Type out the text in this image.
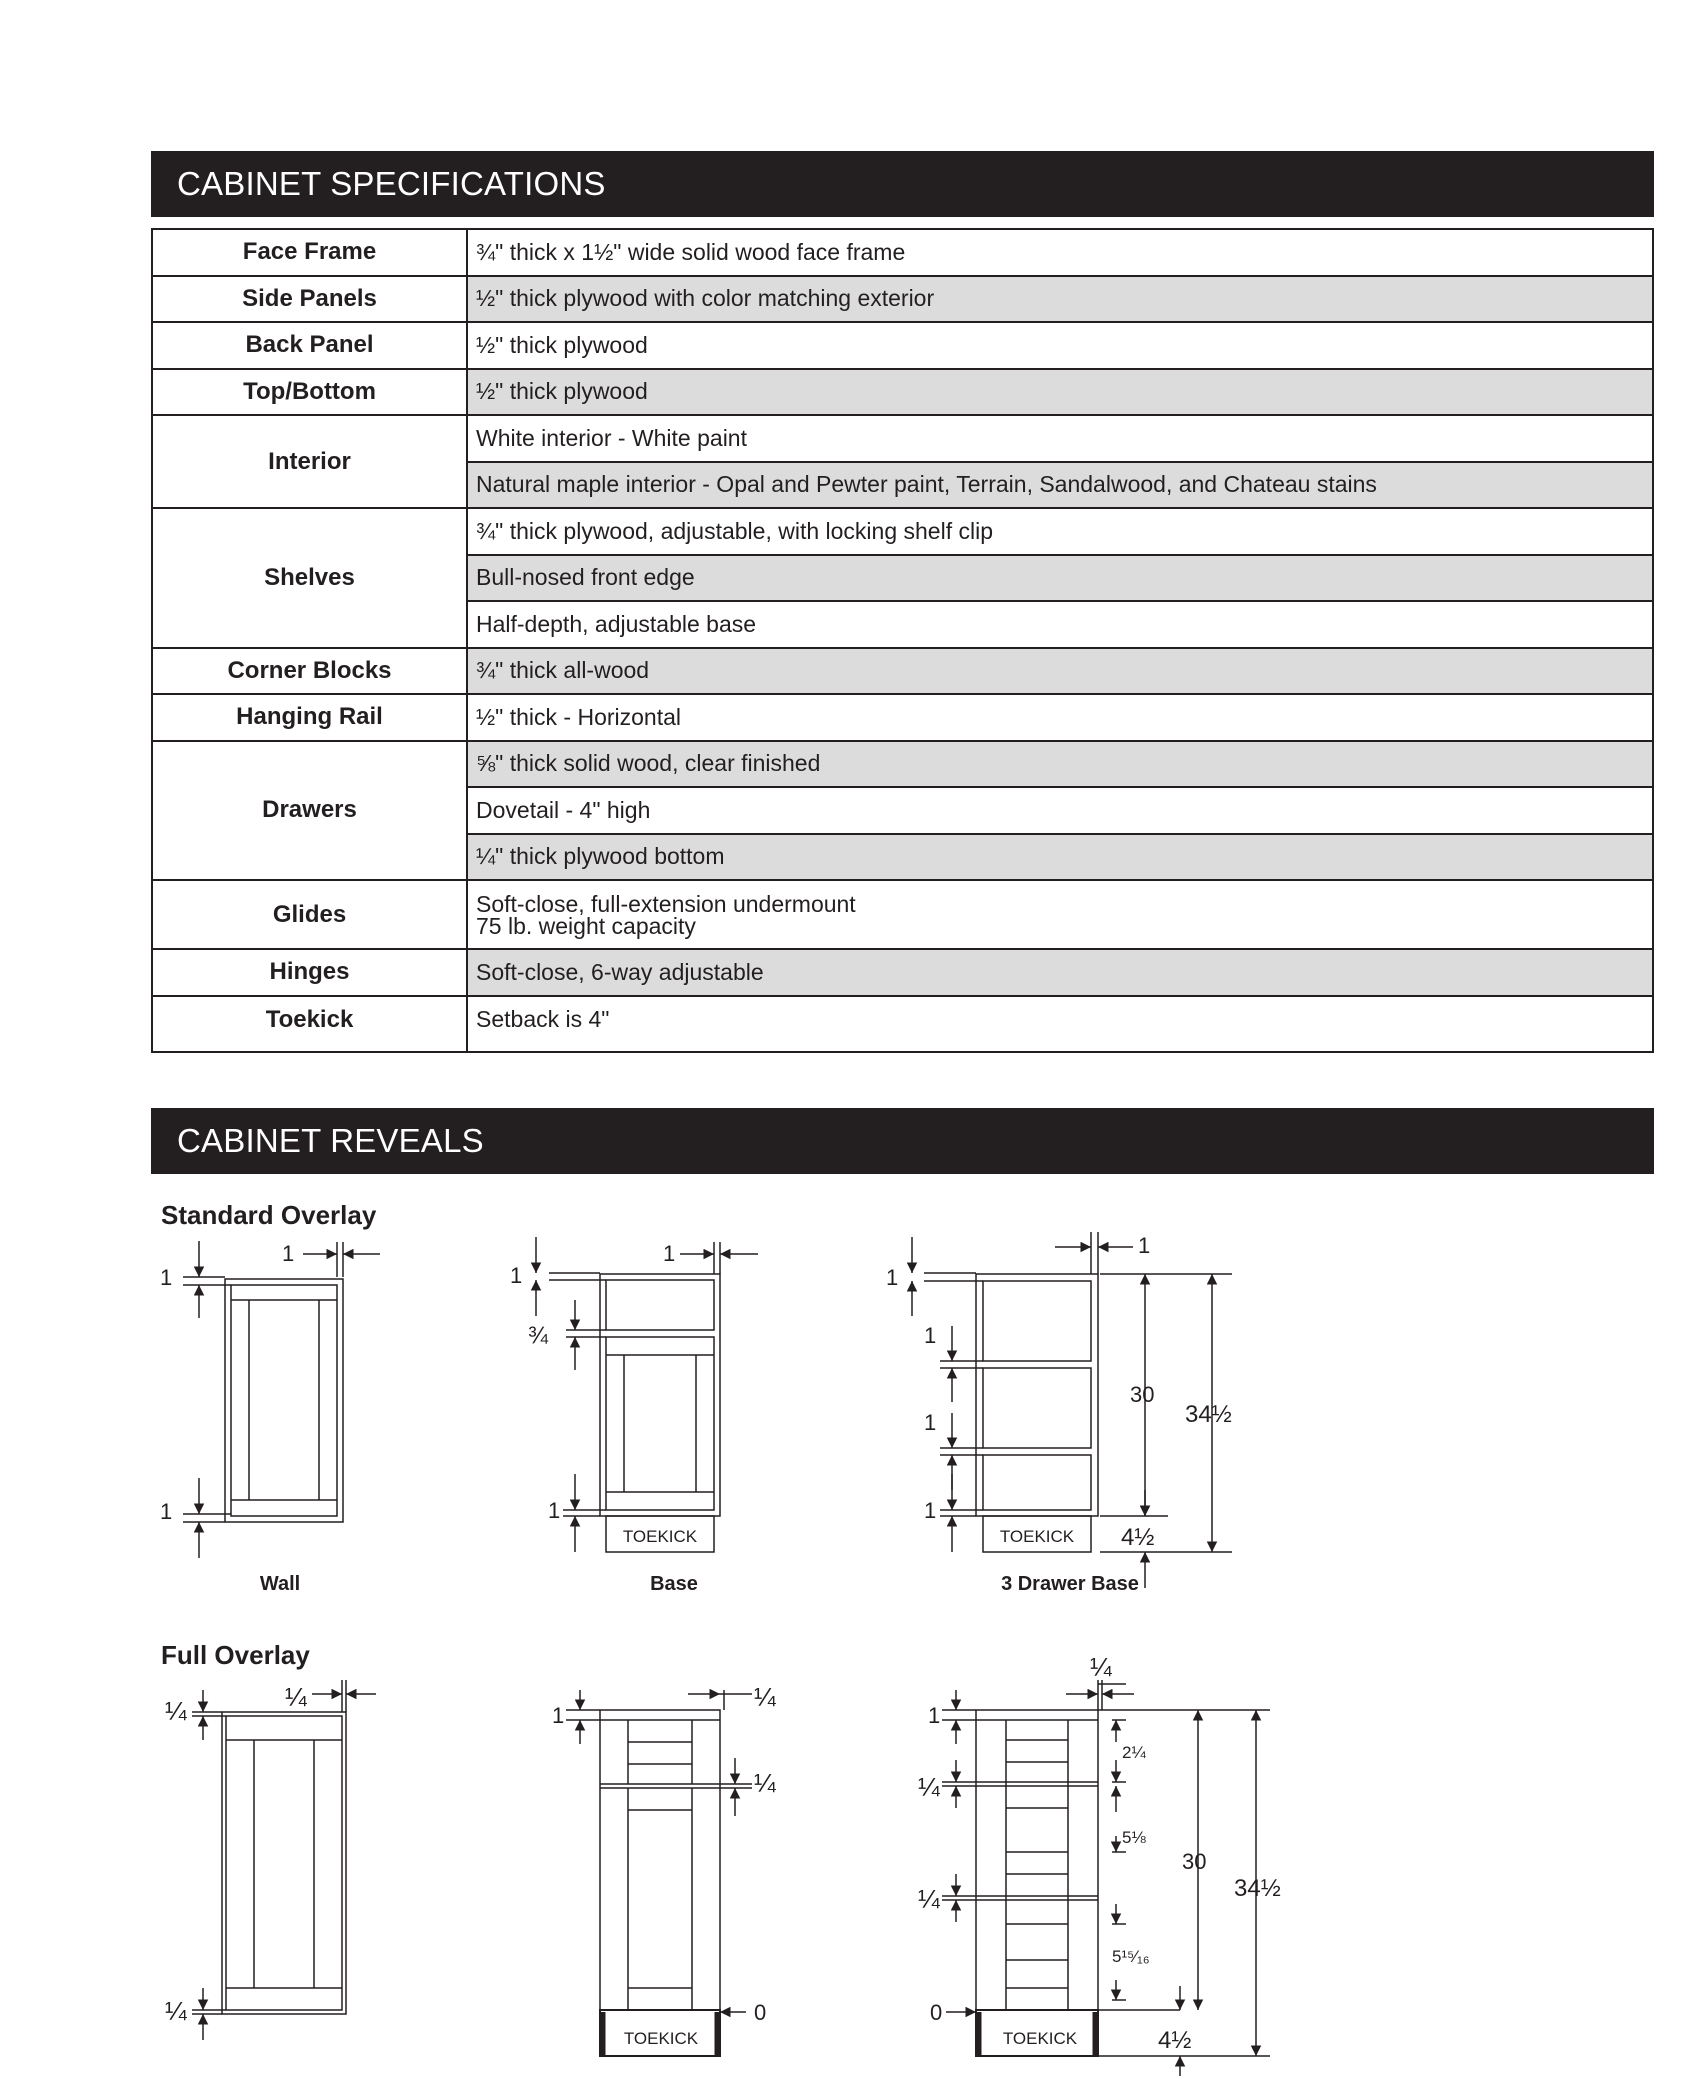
CABINET SPECIFICATIONS
Face Frame	¾" thick x 1½" wide solid wood face frame
Side Panels	½" thick plywood with color matching exterior
Back Panel	½" thick plywood
Top/Bottom	½" thick plywood
Interior	White interior - White paint
	Natural maple interior - Opal and Pewter paint, Terrain, Sandalwood, and Chateau stains
Shelves	¾" thick plywood, adjustable, with locking shelf clip
	Bull-nosed front edge
	Half-depth, adjustable base
Corner Blocks	¾" thick all-wood
Hanging Rail	½" thick - Horizontal
Drawers	⅝" thick solid wood, clear finished
	Dovetail - 4" high
	¼" thick plywood bottom
Glides	Soft-close, full-extension undermount
75 lb. weight capacity

Hinges	Soft-close, 6-way adjustable
Toekick	Setback is 4"
CABINET REVEALS
Standard Overlay
Full Overlay
Wall	Base	3 Drawer Base
1
1
1
1
¾
1
1
TOEKICK
1
1
1
1
1
30
34½
4½
TOEKICK
¼
¼
¼
1
¼
¼
0
TOEKICK
1
¼
¼
0
¼
2¼
5⅛
5¹⁵⁄₁₆
30
34½
4½
TOEKICK
